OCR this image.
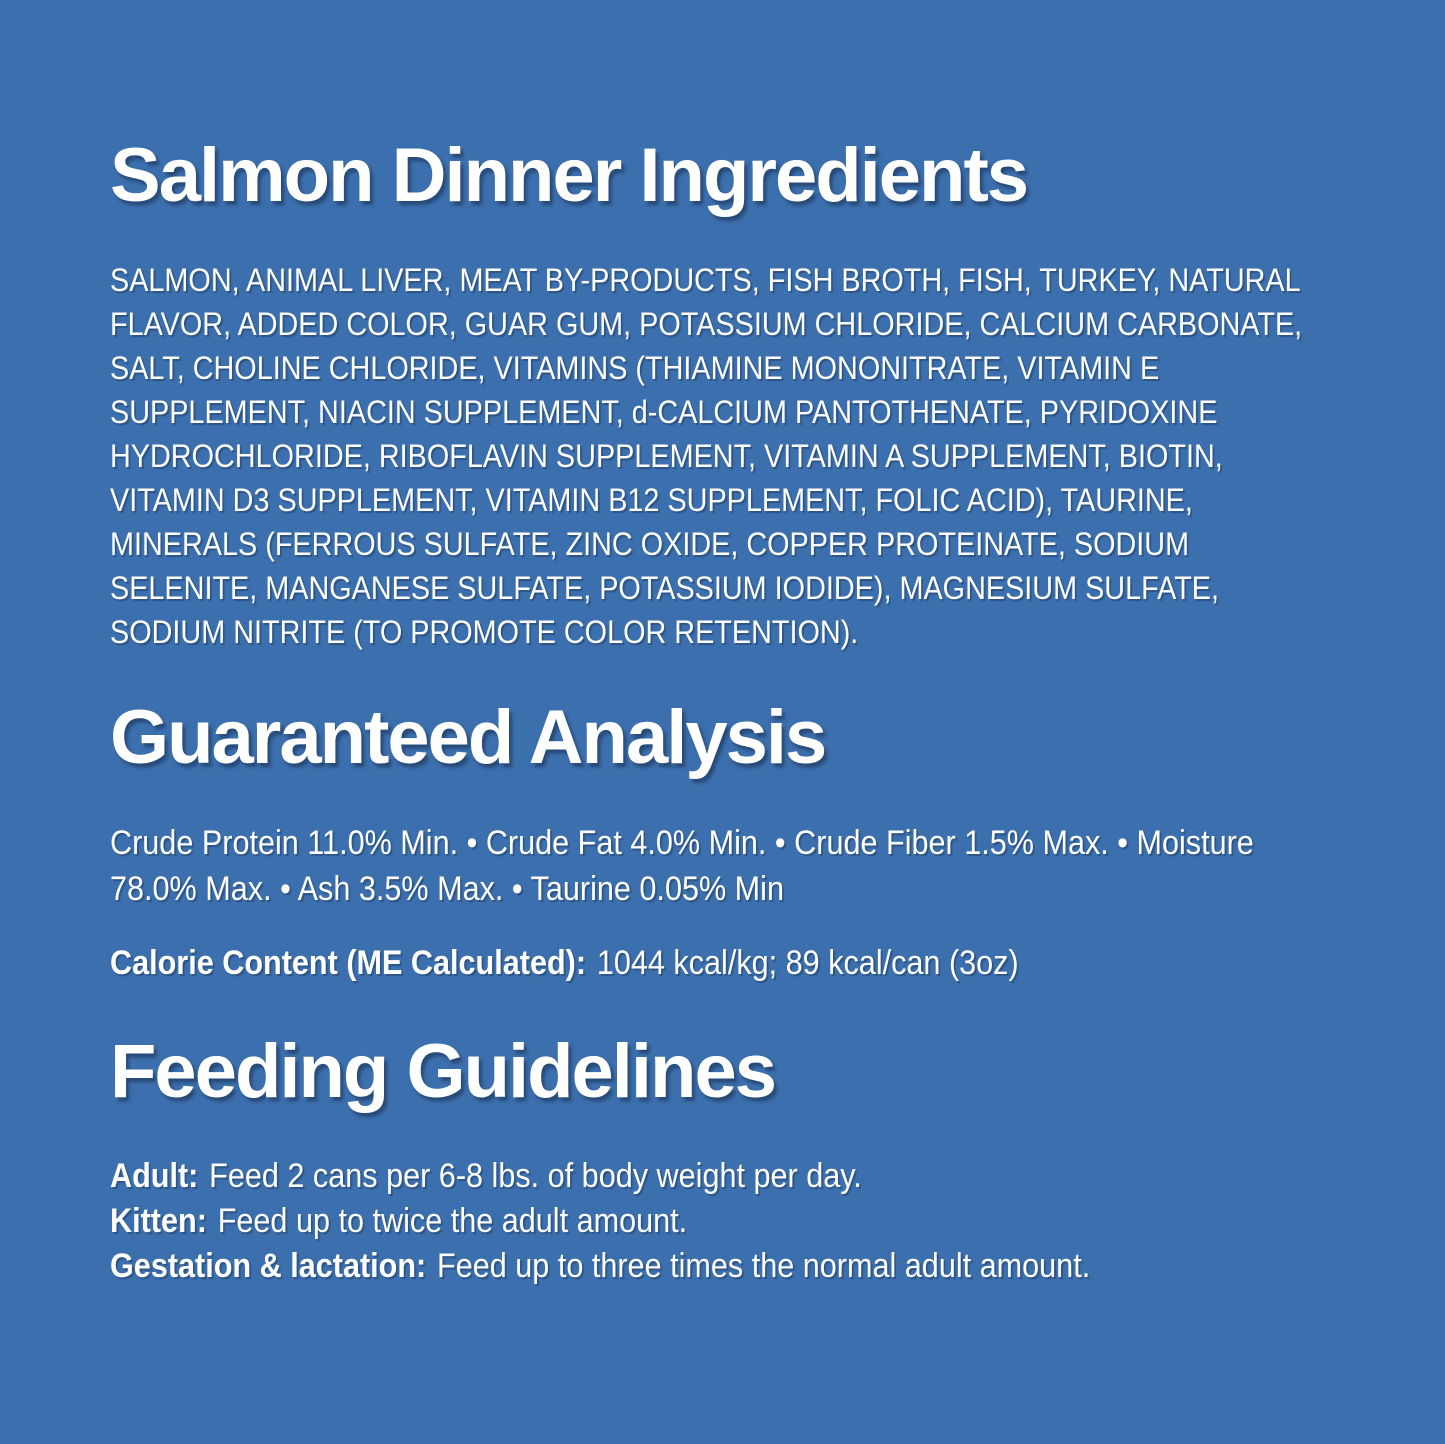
Salmon Dinner Ingredients

SALMON, ANIMAL LIVER, MEAT BY-PRODUCTS, FISH BROTH, FISH, TURKEY, NATURAL FLAVOR, ADDED COLOR, GUAR GUM, POTASSIUM CHLORIDE, CALCIUM CARBONATE, SALT, CHOLINE CHLORIDE, VITAMINS (THIAMINE MONONITRATE, VITAMIN E SUPPLEMENT, NIACIN SUPPLEMENT, d-CALCIUM PANTOTHENATE, PYRIDOXINE HYDROCHLORIDE, RIBOFLAVIN SUPPLEMENT, VITAMIN A SUPPLEMENT, BIOTIN, VITAMIN D3 SUPPLEMENT, VITAMIN B12 SUPPLEMENT, FOLIC ACID), TAURINE, MINERALS (FERROUS SULFATE, ZINC OXIDE, COPPER PROTEINATE, SODIUM SELENITE, MANGANESE SULFATE, POTASSIUM IODIDE), MAGNESIUM SULFATE, SODIUM NITRITE (TO PROMOTE COLOR RETENTION).

Guaranteed Analysis

Crude Protein 11.0% Min. • Crude Fat 4.0% Min. • Crude Fiber 1.5% Max. • Moisture 78.0% Max. • Ash 3.5% Max. • Taurine 0.05% Min

Calorie Content (ME Calculated): 1044 kcal/kg; 89 kcal/can (3oz)

Feeding Guidelines
Adult: Feed 2 cans per 6-8 lbs. of body weight per day.
Kitten: Feed up to twice the adult amount.
Gestation & lactation: Feed up to three times the normal adult amount.
